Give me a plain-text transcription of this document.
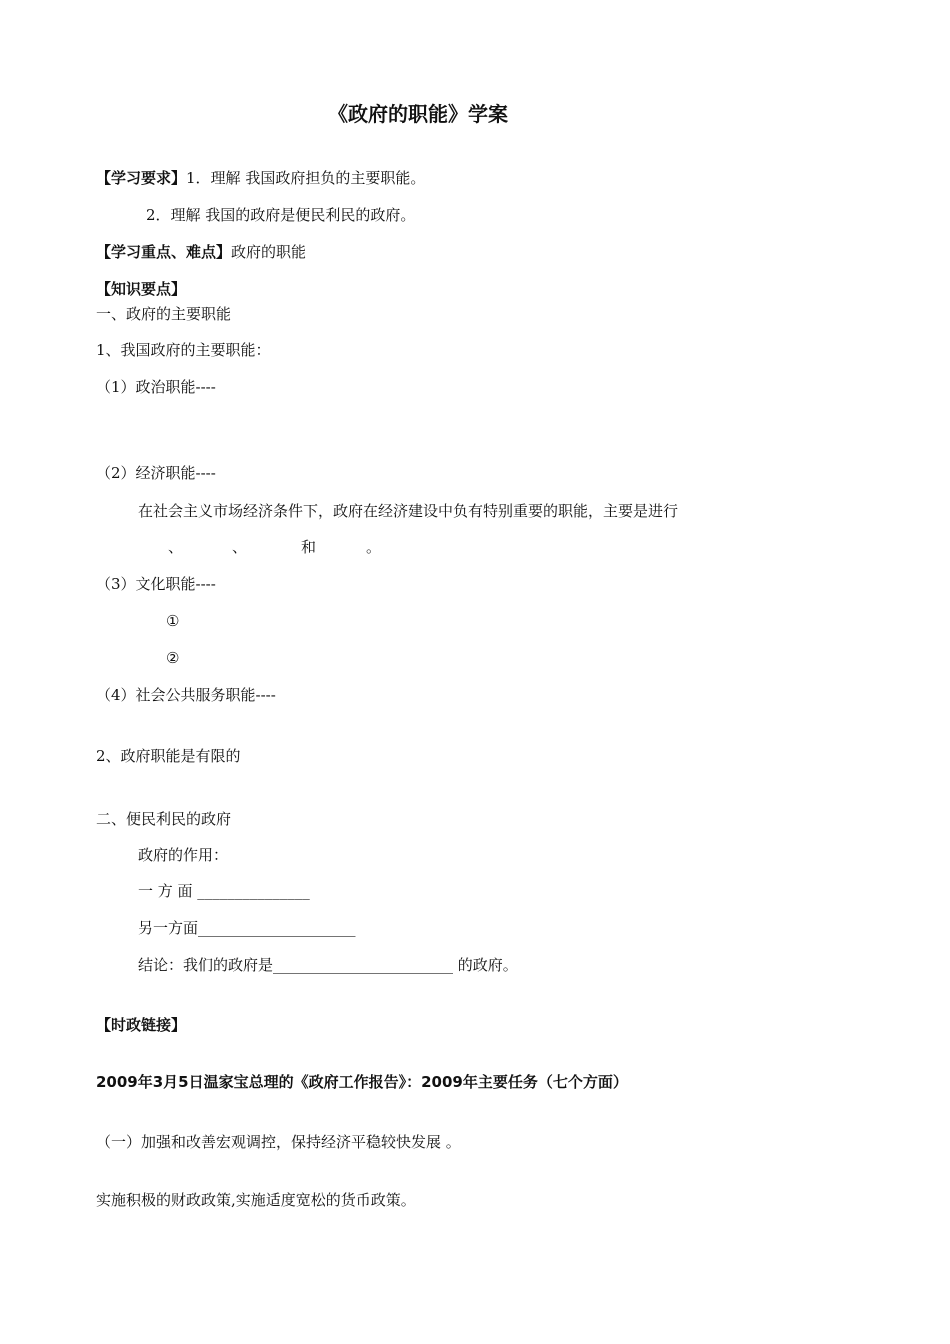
《政府的职能》学案
【学习要求】1．理解 我国政府担负的主要职能。
2．理解 我国的政府是便民利民的政府。
【学习重点、难点】政府的职能
【知识要点】
一、政府的主要职能
1、我国政府的主要职能：
（1）政治职能----
（2）经济职能----
在社会主义市场经济条件下，政府在经济建设中负有特别重要的职能，主要是进行
、	、	和	。
（3）文化职能----
①
②
（4）社会公共服务职能----
2、政府职能是有限的
二、便民利民的政府
政府的作用：
一 方 面 _______________
另一方面_____________________
结论：我们的政府是________________________ 的政府。
【时政链接】
2009年3月5日温家宝总理的《政府工作报告》：2009年主要任务（七个方面）
（一）加强和改善宏观调控，保持经济平稳较快发展 。
实施积极的财政政策,实施适度宽松的货币政策。
